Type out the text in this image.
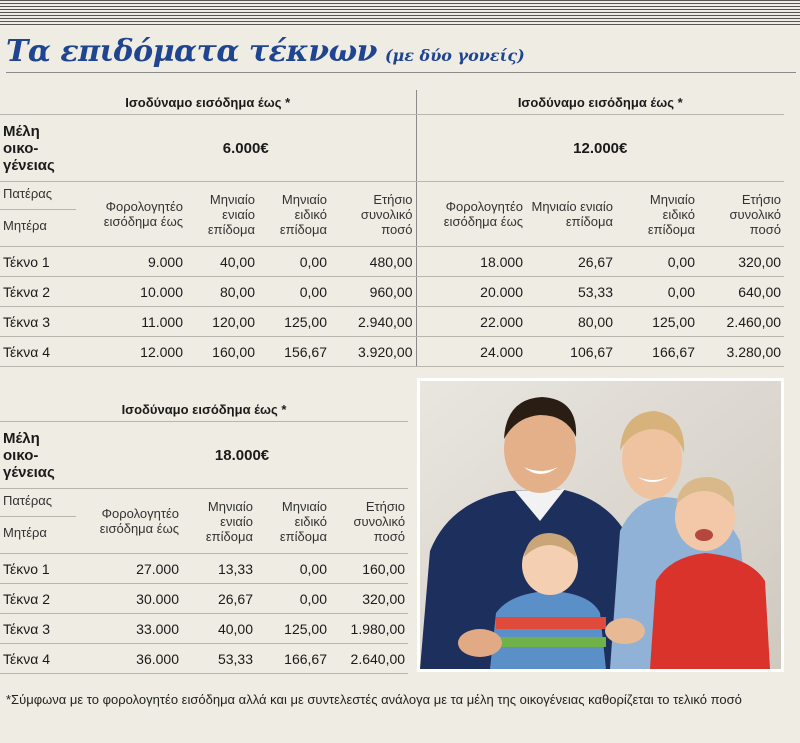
Τα επιδόματα τέκνων (με δύο γονείς)
Ισοδύναμο εισόδημα έως *					Ισοδύναμο εισόδημα έως *			
Μέλη οικο-γένειας	6.000€				12.000€			

Πατέρας
Μητέρα	Φορολογητέο εισόδημα έως	Μηνιαίο ενιαίο επίδομα	Μηνιαίο ειδικό επίδομα	Ετήσιο συνολικό ποσό	Φορολογητέο εισόδημα έως	Μηνιαίο ενιαίο επίδομα	Μηνιαίο ειδικό επίδομα	Ετήσιο συνολικό ποσό
Τέκνο 1	9.000	40,00	0,00	480,00	18.000	26,67	0,00	320,00
Τέκνα 2	10.000	80,00	0,00	960,00	20.000	53,33	0,00	640,00
Τέκνα 3	11.000	120,00	125,00	2.940,00	22.000	80,00	125,00	2.460,00
Τέκνα 4	12.000	160,00	156,67	3.920,00	24.000	106,67	166,67	3.280,00
Ισοδύναμο εισόδημα έως *				
Μέλη οικο-γένειας	18.000€			

Πατέρας
Μητέρα	Φορολογητέο εισόδημα έως	Μηνιαίο ενιαίο επίδομα	Μηνιαίο ειδικό επίδομα	Ετήσιο συνολικό ποσό
Τέκνο 1	27.000	13,33	0,00	160,00
Τέκνα 2	30.000	26,67	0,00	320,00
Τέκνα 3	33.000	40,00	125,00	1.980,00
Τέκνα 4	36.000	53,33	166,67	2.640,00
*Σύμφωνα με το φορολογητέο εισόδημα αλλά και με συντελεστές ανάλογα με τα μέλη της οικογένειας καθορίζεται το τελικό ποσό
